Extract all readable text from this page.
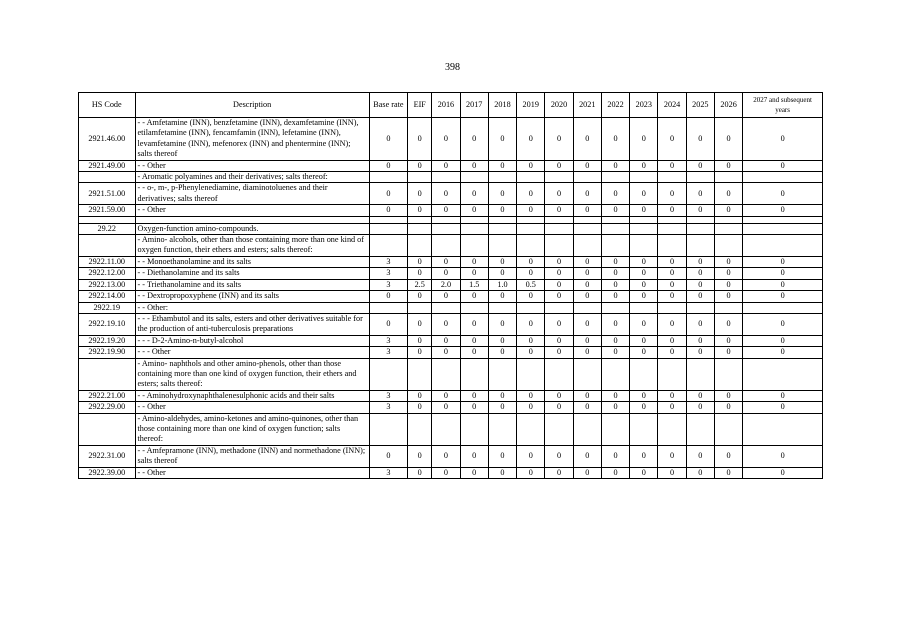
398
HS Code	Description	Base rate	EIF	2016	2017	2018	2019	2020	2021	2022	2023	2024	2025	2026	2027 and subsequent years
2921.46.00	- - Amfetamine (INN), benzfetamine (INN), dexamfetamine (INN), etilamfetamine (INN), fencamfamin (INN), lefetamine (INN), levamfetamine (INN), mefenorex (INN) and phentermine (INN); salts thereof	0	0	0	0	0	0	0	0	0	0	0	0	0	0
2921.49.00	- - Other	0	0	0	0	0	0	0	0	0	0	0	0	0	0
	- Aromatic polyamines and their derivatives; salts thereof:														
2921.51.00	- - o-, m-, p-Phenylenediamine, diaminotoluenes and their derivatives; salts thereof	0	0	0	0	0	0	0	0	0	0	0	0	0	0
2921.59.00	- - Other	0	0	0	0	0	0	0	0	0	0	0	0	0	0

29.22	Oxygen-function amino-compounds.														
	- Amino- alcohols, other than those containing more than one kind of oxygen function, their ethers and esters; salts thereof:														
2922.11.00	- - Monoethanolamine and its salts	3	0	0	0	0	0	0	0	0	0	0	0	0	0
2922.12.00	- - Diethanolamine and its salts	3	0	0	0	0	0	0	0	0	0	0	0	0	0
2922.13.00	- - Triethanolamine and its salts	3	2.5	2.0	1.5	1.0	0.5	0	0	0	0	0	0	0	0
2922.14.00	- - Dextropropoxyphene (INN) and its salts	0	0	0	0	0	0	0	0	0	0	0	0	0	0
2922.19	- - Other:														
2922.19.10	- - - Ethambutol and its salts, esters and other derivatives suitable for the production of anti-tuberculosis preparations	0	0	0	0	0	0	0	0	0	0	0	0	0	0
2922.19.20	- - - D-2-Amino-n-butyl-alcohol	3	0	0	0	0	0	0	0	0	0	0	0	0	0
2922.19.90	- - - Other	3	0	0	0	0	0	0	0	0	0	0	0	0	0
	- Amino- naphthols and other amino-phenols, other than those containing more than one kind of oxygen function, their ethers and esters; salts thereof:														
2922.21.00	- - Aminohydroxynaphthalenesulphonic acids and their salts	3	0	0	0	0	0	0	0	0	0	0	0	0	0
2922.29.00	- - Other	3	0	0	0	0	0	0	0	0	0	0	0	0	0
	- Amino-aldehydes, amino-ketones and amino-quinones, other than those containing more than one kind of oxygen function; salts thereof:														
2922.31.00	- - Amfepramone (INN), methadone (INN) and normethadone (INN); salts thereof	0	0	0	0	0	0	0	0	0	0	0	0	0	0
2922.39.00	- - Other	3	0	0	0	0	0	0	0	0	0	0	0	0	0
